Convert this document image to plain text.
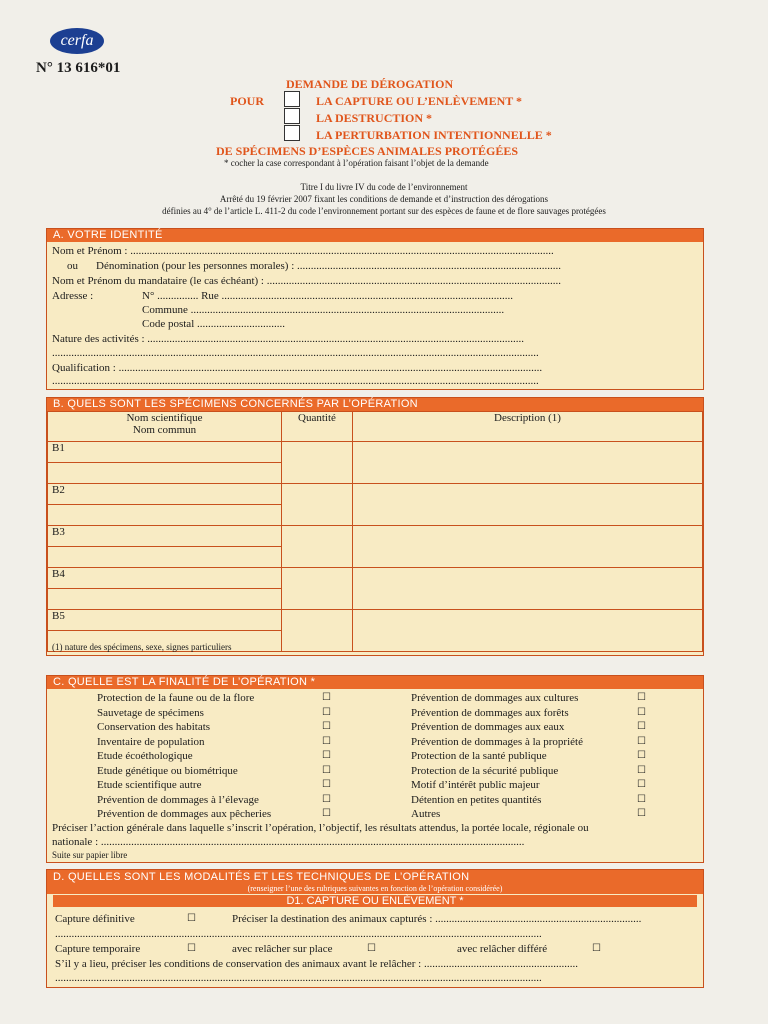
cerfa
N° 13 616*01
DEMANDE DE DÉROGATION
POUR	LA CAPTURE OU L’ENLÈVEMENT *
LA DESTRUCTION *
LA PERTURBATION INTENTIONNELLE *
DE SPÉCIMENS D’ESPÈCES ANIMALES PROTÉGÉES
* cocher la case correspondant à l’opération faisant l’objet de la demande
Titre I du livre IV du code de l’environnement
Arrêté du 19 février 2007 fixant les conditions de demande et d’instruction des dérogations
définies au 4° de l’article L. 411-2 du code l’environnement portant sur des espèces de faune et de flore sauvages protégées
A. VOTRE IDENTITÉ
Nom et Prénom : ..........................................................................................................................................................
ou Dénomination (pour les personnes morales) : ................................................................................................
Nom et Prénom du mandataire (le cas échéant) : ...........................................................................................................
Adresse :	N° ............... Rue ..........................................................................................................
Commune ..................................................................................................................
Code postal ................................
Nature des activités : .........................................................................................................................................
.................................................................................................................................................................................
Qualification : ..........................................................................................................................................................
.................................................................................................................................................................................
B. QUELS SONT LES SPÉCIMENS CONCERNÉS PAR L’OPÉRATION
Nom scientifique
Nom commun	Quantité	Description (1)
B1		

B2		

B3		

B4		

B5		

(1) nature des spécimens, sexe, signes particuliers
C. QUELLE EST LA FINALITÉ DE L’OPÉRATION *
Protection de la faune ou de la flore	☐
Sauvetage de spécimens	☐
Conservation des habitats	☐
Inventaire de population	☐
Etude écoéthologique	☐
Etude génétique ou biométrique	☐
Etude scientifique autre	☐
Prévention de dommages à l’élevage	☐
Prévention de dommages aux pêcheries	☐
Prévention de dommages aux cultures	☐
Prévention de dommages aux forêts	☐
Prévention de dommages aux eaux	☐
Prévention de dommages à la propriété	☐
Protection de la santé publique	☐
Protection de la sécurité publique	☐
Motif d’intérêt public majeur	☐
Détention en petites quantités	☐
Autres	☐
Préciser l’action générale dans laquelle s’inscrit l’opération, l’objectif, les résultats attendus, la portée locale, régionale ou
nationale : ..........................................................................................................................................................
Suite sur papier libre
D. QUELLES SONT LES MODALITÉS ET LES TECHNIQUES DE L’OPÉRATION
(renseigner l’une des rubriques suivantes en fonction de l’opération considérée)
D1. CAPTURE OU ENLÈVEMENT *
Capture définitive	☐	Préciser la destination des animaux capturés : ...........................................................................
.................................................................................................................................................................................
Capture temporaire	☐	avec relâcher sur place	☐	avec relâcher différé	☐
S’il y a lieu, préciser les conditions de conservation des animaux avant le relâcher : ........................................................
.................................................................................................................................................................................
